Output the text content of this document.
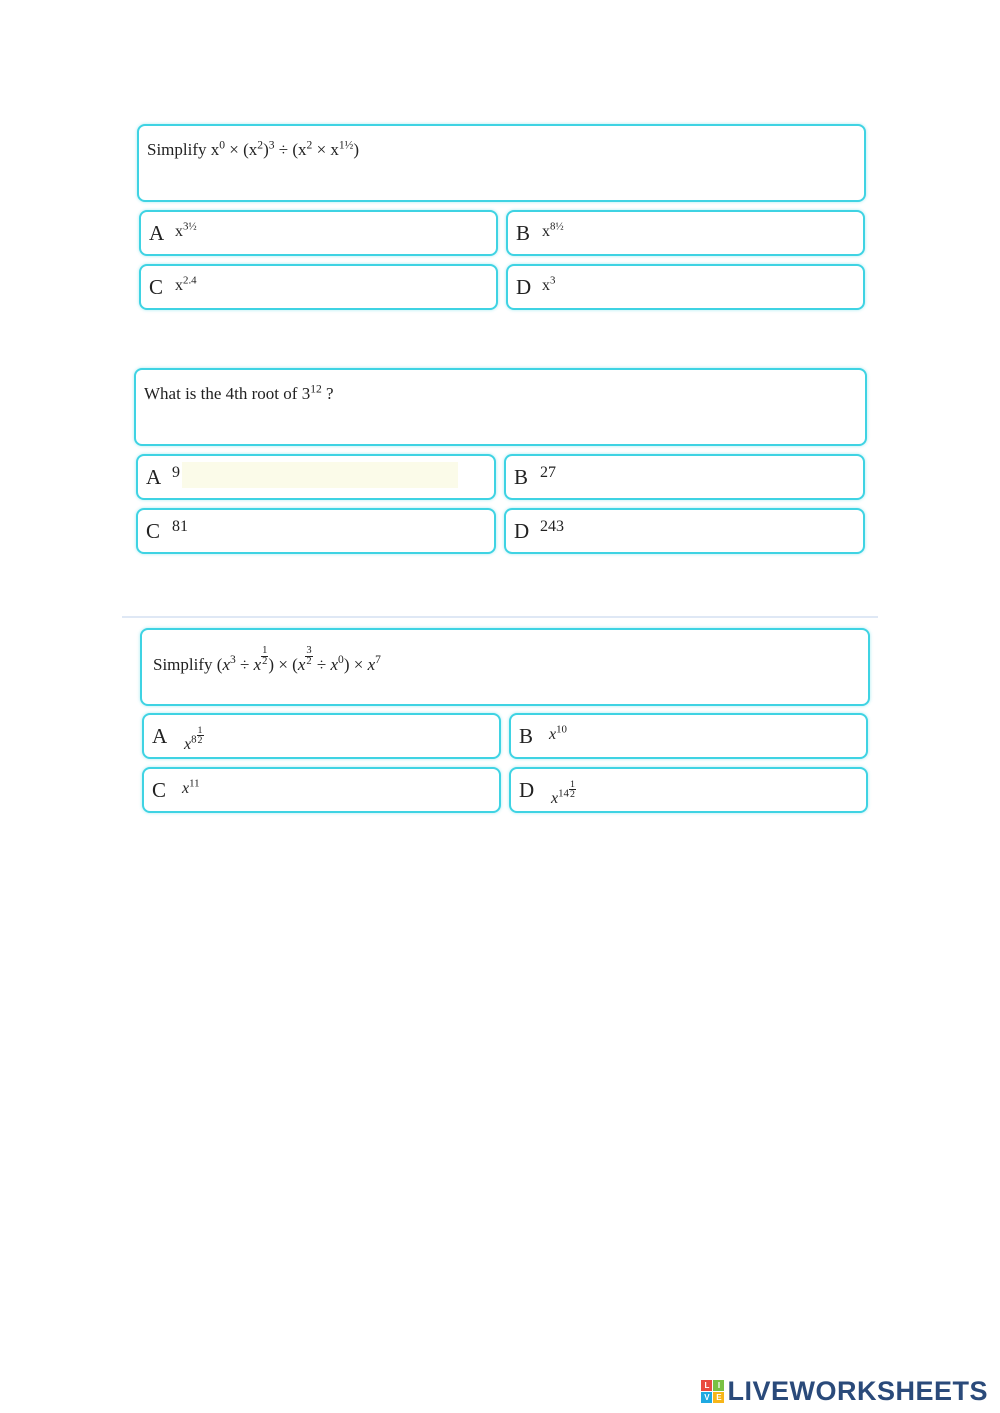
Simplify $x^0 \times (x^2)^3 \div (x^2 \times x^{1\frac{1}{2}})$
A $x^{3\frac{1}{2}}$	B $x^{8\frac{1}{2}}$
C $x^{2.4}$	D $x^3$
What is the 4th root of $3^{12}$ ?
A 9	B 27
C 81	D 243
Simplify ($x^3 \div x \frac{1}{2}$ ) × $(x \frac{3}{2} \div x^0) \times x^7$
A $x^8 \frac{1}{2}$	B $x^{10}$
C $x^{11}$	D $x^{14} \frac{1}{2}$
L	I
V E LIVEWORKSHEETS
